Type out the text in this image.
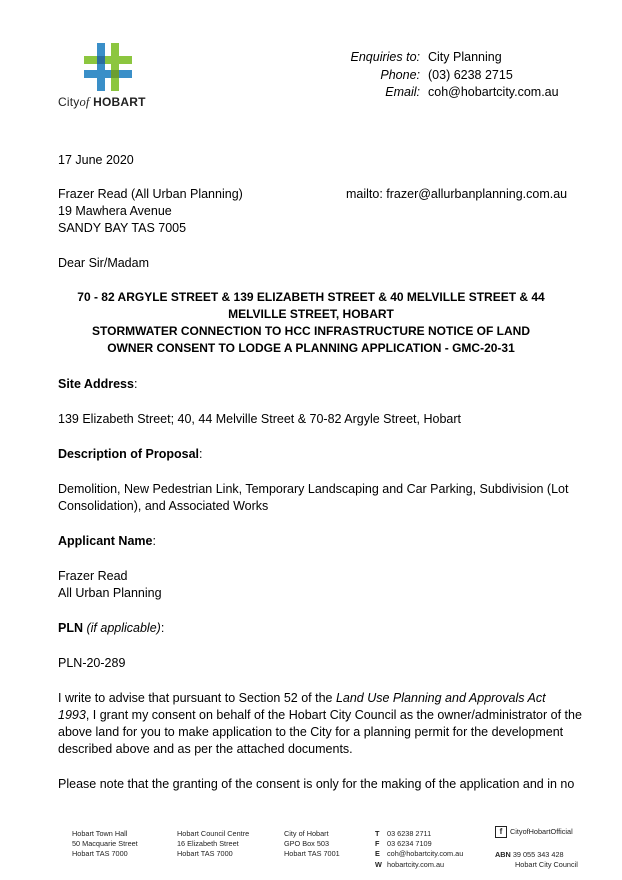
Cityof HOBART
Enquiries to: City Planning
Phone: (03) 6238 2715
Email: coh@hobartcity.com.au
17 June 2020
Frazer Read (All Urban Planning)	mailto: frazer@allurbanplanning.com.au
19 Mawhera Avenue
SANDY BAY TAS 7005
Dear Sir/Madam
70 - 82 ARGYLE STREET & 139 ELIZABETH STREET & 40 MELVILLE STREET & 44
MELVILLE STREET, HOBART
STORMWATER CONNECTION TO HCC INFRASTRUCTURE NOTICE OF LAND
OWNER CONSENT TO LODGE A PLANNING APPLICATION - GMC-20-31
Site Address:
139 Elizabeth Street; 40, 44 Melville Street & 70-82 Argyle Street, Hobart
Description of Proposal:
Demolition, New Pedestrian Link, Temporary Landscaping and Car Parking, Subdivision (Lot
Consolidation), and Associated Works
Applicant Name:
Frazer Read
All Urban Planning
PLN (if applicable):
PLN-20-289
I write to advise that pursuant to Section 52 of the Land Use Planning and Approvals Act
1993, I grant my consent on behalf of the Hobart City Council as the owner/administrator of the
above land for you to make application to the City for a planning permit for the development
described above and as per the attached documents.
Please note that the granting of the consent is only for the making of the application and in no
Hobart Town Hall
50 Macquarie Street
Hobart TAS 7000
Hobart Council Centre
16 Elizabeth Street
Hobart TAS 7000
City of Hobart
GPO Box 503
Hobart TAS 7001
T 03 6238 2711
F 03 6234 7109
E coh@hobartcity.com.au
W hobartcity.com.au
f CityofHobartOfficial
ABN 39 055 343 428
Hobart City Council
